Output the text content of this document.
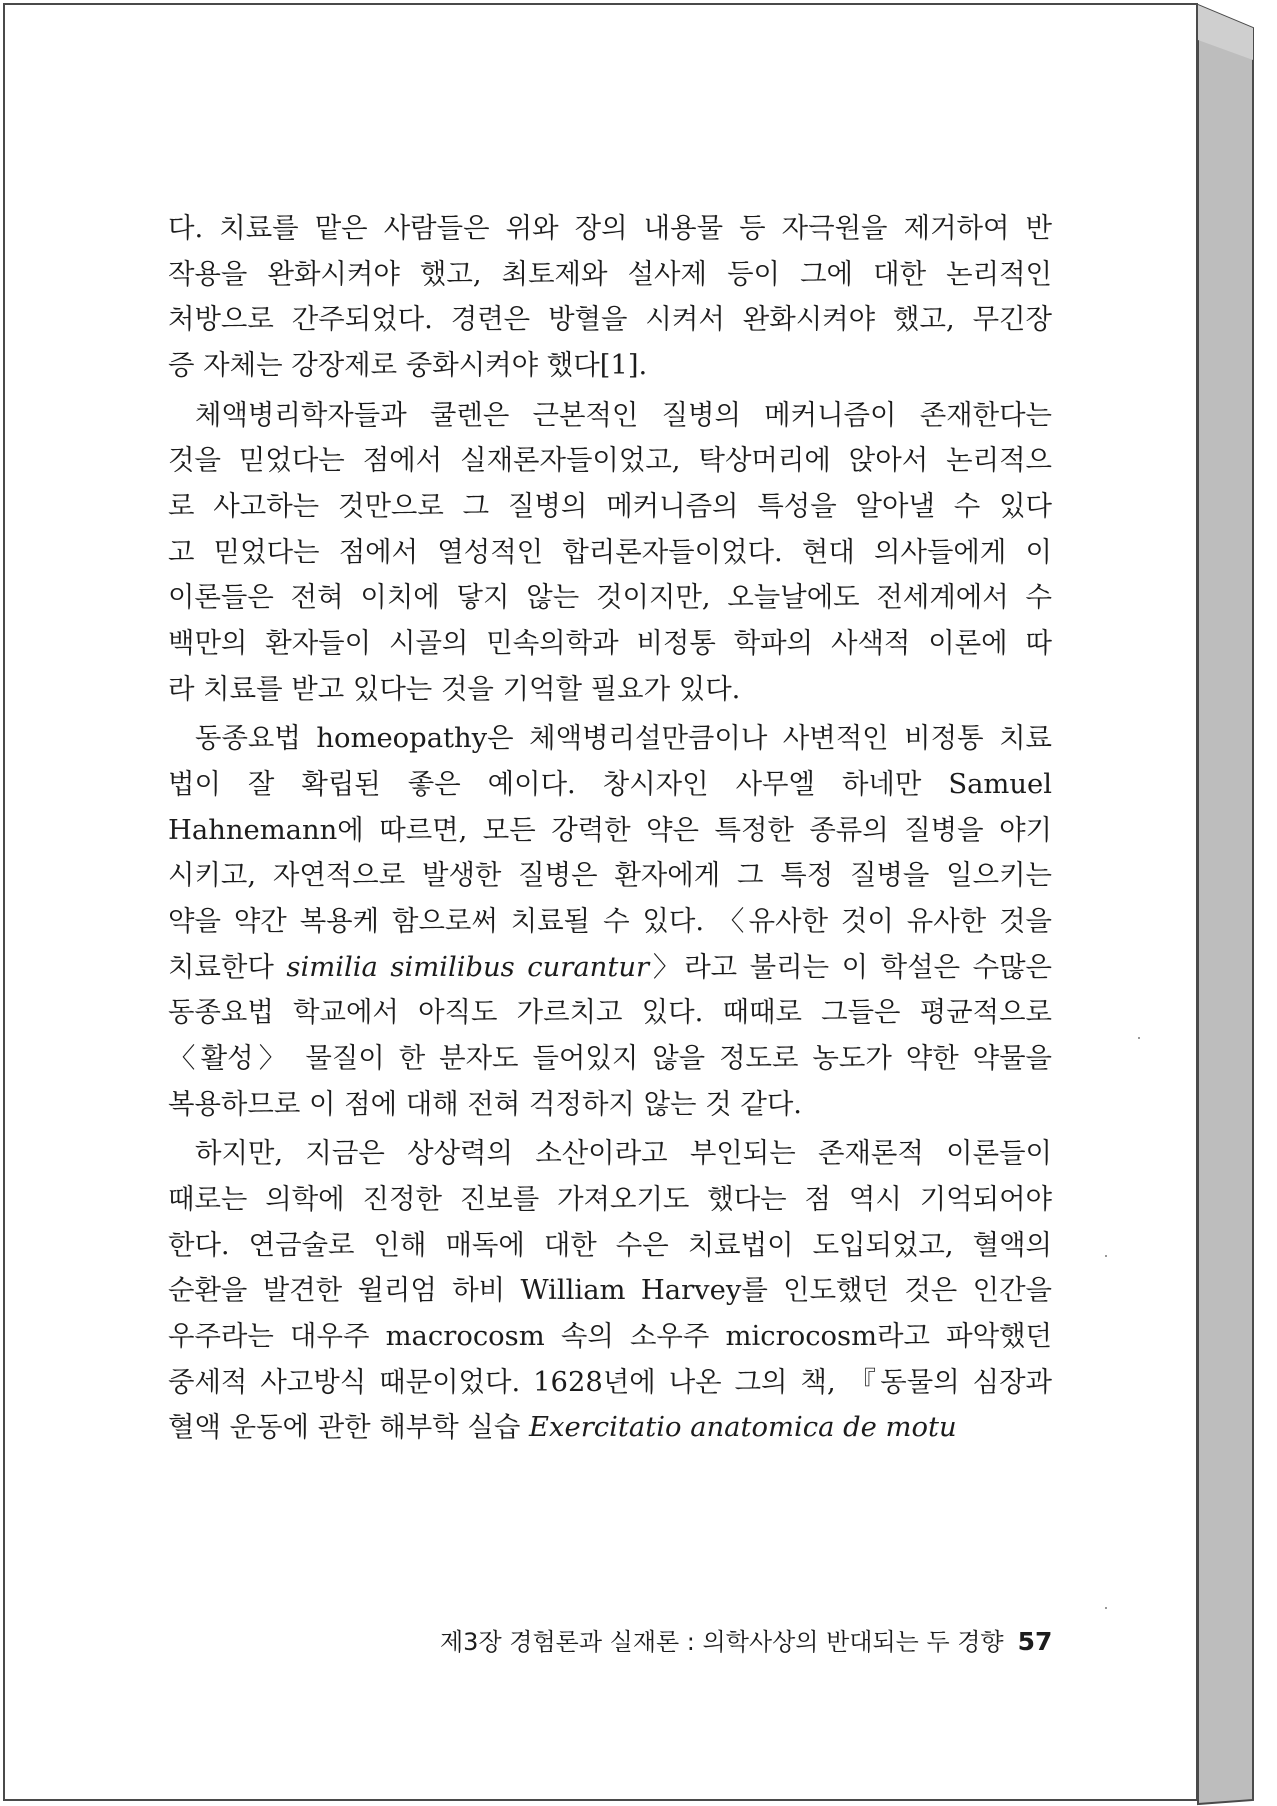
다. 치료를 맡은 사람들은 위와 장의 내용물 등 자극원을 제거하여 반
작용을 완화시켜야 했고, 최토제와 설사제 등이 그에 대한 논리적인
처방으로 간주되었다. 경련은 방혈을 시켜서 완화시켜야 했고, 무긴장
증 자체는 강장제로 중화시켜야 했다[1].
체액병리학자들과 쿨렌은 근본적인 질병의 메커니즘이 존재한다는
것을 믿었다는 점에서 실재론자들이었고, 탁상머리에 앉아서 논리적으
로 사고하는 것만으로 그 질병의 메커니즘의 특성을 알아낼 수 있다
고 믿었다는 점에서 열성적인 합리론자들이었다. 현대 의사들에게 이
이론들은 전혀 이치에 닿지 않는 것이지만, 오늘날에도 전세계에서 수
백만의 환자들이 시골의 민속의학과 비정통 학파의 사색적 이론에 따
라 치료를 받고 있다는 것을 기억할 필요가 있다.
동종요법 homeopathy은 체액병리설만큼이나 사변적인 비정통 치료
법이 잘 확립된 좋은 예이다. 창시자인 사무엘 하네만 Samuel
Hahnemann에 따르면, 모든 강력한 약은 특정한 종류의 질병을 야기
시키고, 자연적으로 발생한 질병은 환자에게 그 특정 질병을 일으키는
약을 약간 복용케 함으로써 치료될 수 있다. 〈유사한 것이 유사한 것을
치료한다 similia similibus curantur〉라고 불리는 이 학설은 수많은
동종요법 학교에서 아직도 가르치고 있다. 때때로 그들은 평균적으로
〈활성〉 물질이 한 분자도 들어있지 않을 정도로 농도가 약한 약물을
복용하므로 이 점에 대해 전혀 걱정하지 않는 것 같다.
하지만, 지금은 상상력의 소산이라고 부인되는 존재론적 이론들이
때로는 의학에 진정한 진보를 가져오기도 했다는 점 역시 기억되어야
한다. 연금술로 인해 매독에 대한 수은 치료법이 도입되었고, 혈액의
순환을 발견한 윌리엄 하비 William Harvey를 인도했던 것은 인간을
우주라는 대우주 macrocosm 속의 소우주 microcosm라고 파악했던
중세적 사고방식 때문이었다. 1628년에 나온 그의 책, 『동물의 심장과
혈액 운동에 관한 해부학 실습 Exercitatio anatomica de motu
제3장 경험론과 실재론 : 의학사상의 반대되는 두 경향 57
